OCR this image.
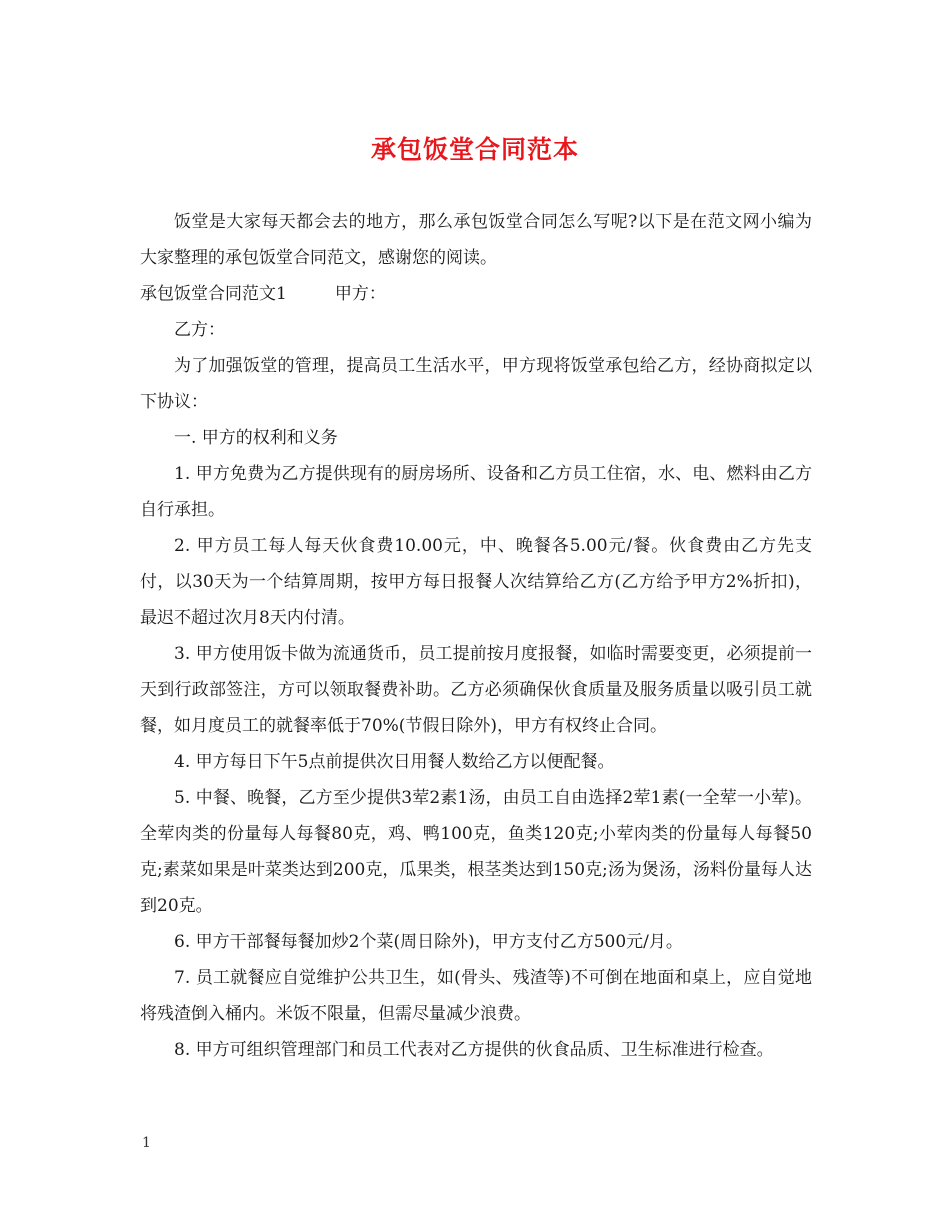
承包饭堂合同范本

饭堂是大家每天都会去的地方，那么承包饭堂合同怎么写呢?以下是在范文网小编为大家整理的承包饭堂合同范文，感谢您的阅读。

承包饭堂合同范文1	甲方：

乙方：

为了加强饭堂的管理，提高员工生活水平，甲方现将饭堂承包给乙方，经协商拟定以下协议：

一. 甲方的权利和义务

1. 甲方免费为乙方提供现有的厨房场所、设备和乙方员工住宿，水、电、燃料由乙方自行承担。

2. 甲方员工每人每天伙食费10.00元，中、晚餐各5.00元/餐。伙食费由乙方先支付，以30天为一个结算周期，按甲方每日报餐人次结算给乙方(乙方给予甲方2%折扣)，最迟不超过次月8天内付清。

3. 甲方使用饭卡做为流通货币，员工提前按月度报餐，如临时需要变更，必须提前一天到行政部签注，方可以领取餐费补助。乙方必须确保伙食质量及服务质量以吸引员工就餐，如月度员工的就餐率低于70%(节假日除外)，甲方有权终止合同。

4. 甲方每日下午5点前提供次日用餐人数给乙方以便配餐。

5. 中餐、晚餐，乙方至少提供3荤2素1汤，由员工自由选择2荤1素(一全荤一小荤)。全荤肉类的份量每人每餐80克，鸡、鸭100克，鱼类120克;小荤肉类的份量每人每餐50克;素菜如果是叶菜类达到200克，瓜果类，根茎类达到150克;汤为煲汤，汤料份量每人达到20克。

6. 甲方干部餐每餐加炒2个菜(周日除外)，甲方支付乙方500元/月。

7. 员工就餐应自觉维护公共卫生，如(骨头、残渣等)不可倒在地面和桌上，应自觉地将残渣倒入桶内。米饭不限量，但需尽量减少浪费。

8. 甲方可组织管理部门和员工代表对乙方提供的伙食品质、卫生标准进行检查。

1
